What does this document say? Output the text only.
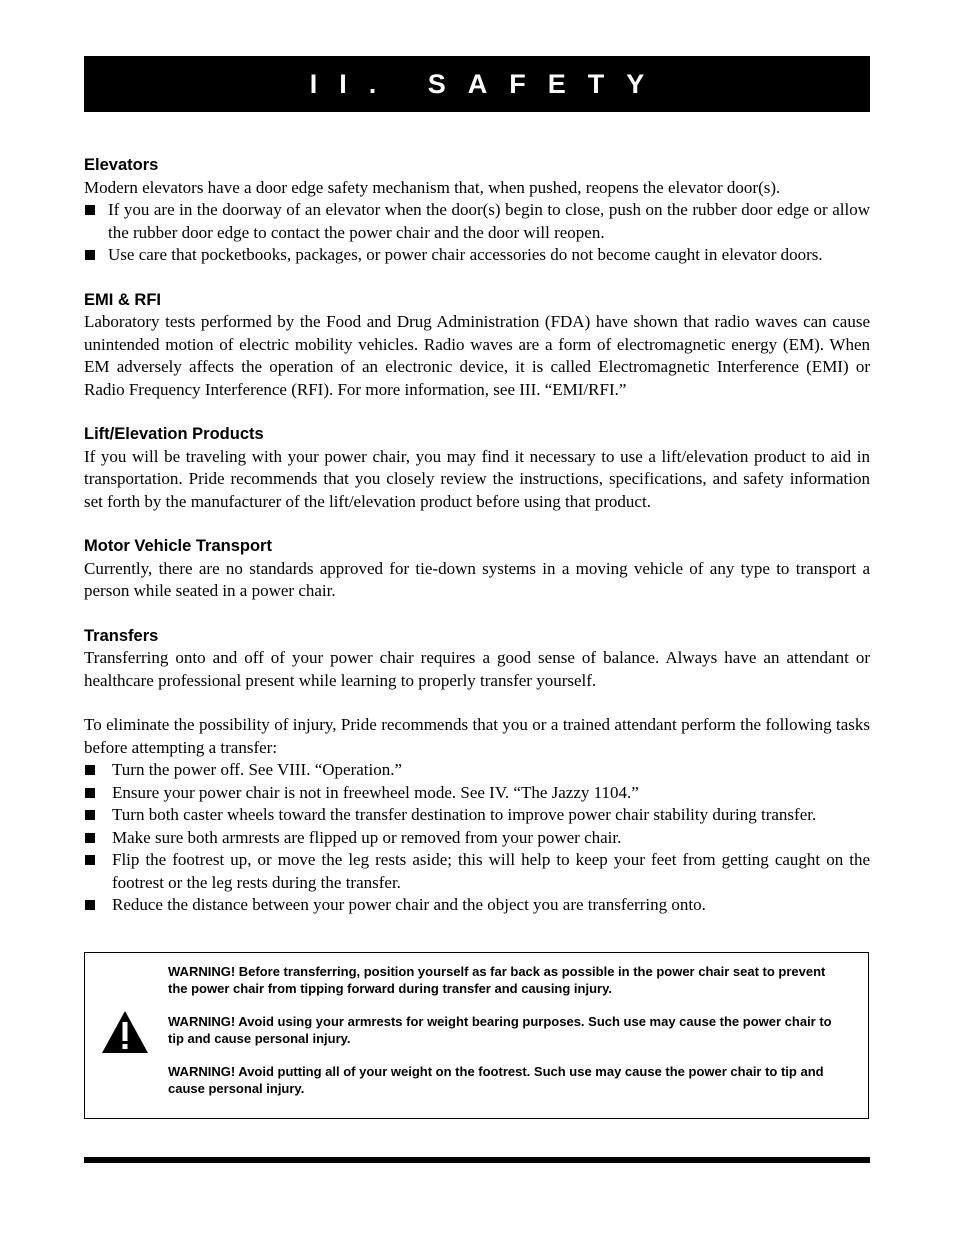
II. SAFETY
Elevators

Modern elevators have a door edge safety mechanism that, when pushed, reopens the elevator door(s).

If you are in the doorway of an elevator when the door(s) begin to close, push on the rubber door edge or allow the rubber door edge to contact the power chair and the door will reopen.
Use care that pocketbooks, packages, or power chair accessories do not become caught in elevator doors.
EMI & RFI

Laboratory tests performed by the Food and Drug Administration (FDA) have shown that radio waves can cause unintended motion of electric mobility vehicles. Radio waves are a form of electromagnetic energy (EM). When EM adversely affects the operation of an electronic device, it is called Electromagnetic Interference (EMI) or Radio Frequency Interference (RFI). For more information, see III. “EMI/RFI.”

Lift/Elevation Products

If you will be traveling with your power chair, you may find it necessary to use a lift/elevation product to aid in transportation. Pride recommends that you closely review the instructions, specifications, and safety information set forth by the manufacturer of the lift/elevation product before using that product.

Motor Vehicle Transport

Currently, there are no standards approved for tie-down systems in a moving vehicle of any type to transport a person while seated in a power chair.

Transfers

Transferring onto and off of your power chair requires a good sense of balance. Always have an attendant or healthcare professional present while learning to properly transfer yourself.

To eliminate the possibility of injury, Pride recommends that you or a trained attendant perform the following tasks before attempting a transfer:

Turn the power off. See VIII. “Operation.”
Ensure your power chair is not in freewheel mode. See IV. “The Jazzy 1104.”
Turn both caster wheels toward the transfer destination to improve power chair stability during transfer.
Make sure both armrests are flipped up or removed from your power chair.
Flip the footrest up, or move the leg rests aside; this will help to keep your feet from getting caught on the footrest or the leg rests during the transfer.
Reduce the distance between your power chair and the object you are transferring onto.

WARNING! Before transferring, position yourself as far back as possible in the power chair seat to prevent the power chair from tipping forward during transfer and causing injury.

WARNING! Avoid using your armrests for weight bearing purposes. Such use may cause the power chair to tip and cause personal injury.

WARNING! Avoid putting all of your weight on the footrest. Such use may cause the power chair to tip and cause personal injury.
